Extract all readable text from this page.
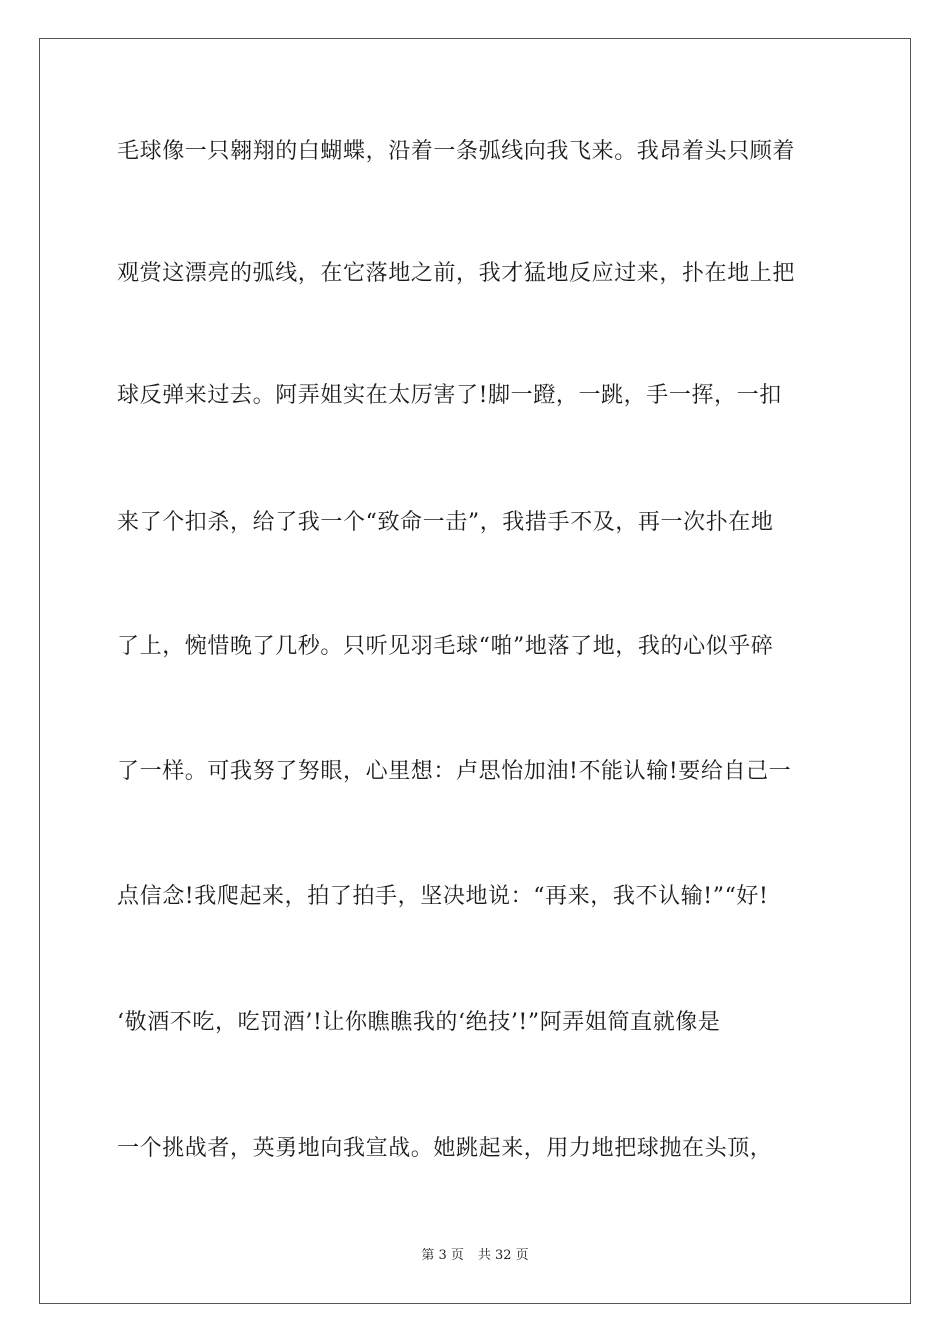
毛球像一只翱翔的白蝴蝶，沿着一条弧线向我飞来。我昂着头只顾着
观赏这漂亮的弧线，在它落地之前，我才猛地反应过来，扑在地上把
球反弹来过去。阿弄姐实在太厉害了!脚一蹬，一跳，手一挥，一扣
来了个扣杀，给了我一个“致命一击”，我措手不及，再一次扑在地
了上，惋惜晚了几秒。只听见羽毛球“啪”地落了地，我的心似乎碎
了一样。可我努了努眼，心里想：卢思怡加油!不能认输!要给自己一
点信念!我爬起来，拍了拍手，坚决地说：“再来，我不认输!”“好!
‘敬酒不吃，吃罚酒’!让你瞧瞧我的‘绝技’!”阿弄姐简直就像是
一个挑战者，英勇地向我宣战。她跳起来，用力地把球抛在头顶，
第 3 页 共 32 页
